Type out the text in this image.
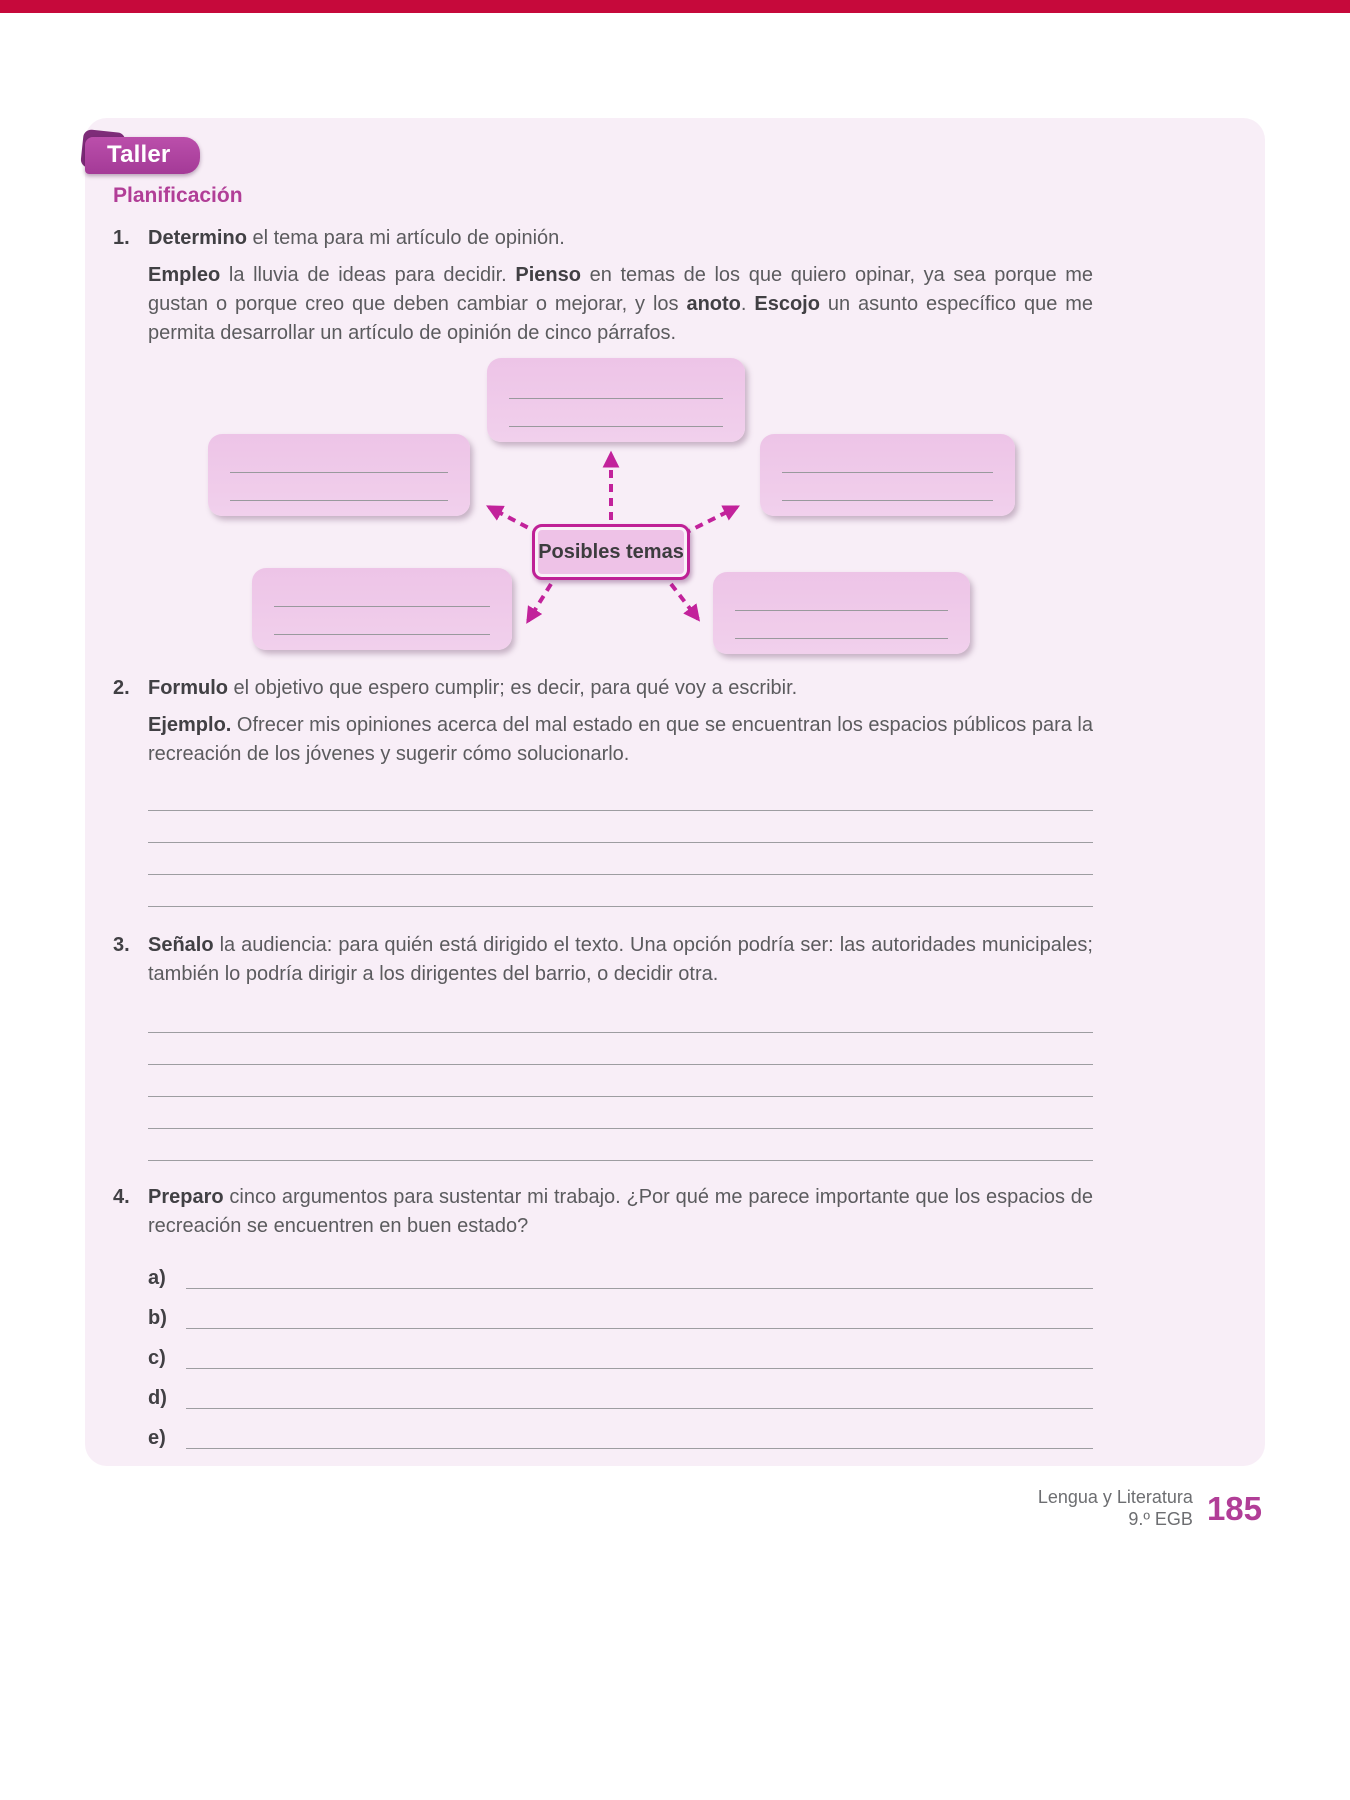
Taller
Planificación
1. Determino el tema para mi artículo de opinión.

Empleo la lluvia de ideas para decidir. Pienso en temas de los que quiero opinar, ya sea porque me gustan o porque creo que deben cambiar o mejorar, y los anoto. Escojo un asunto específico que me permita desarrollar un artículo de opinión de cinco párrafos.

Posibles temas
2. Formulo el objetivo que espero cumplir; es decir, para qué voy a escribir.

Ejemplo. Ofrecer mis opiniones acerca del mal estado en que se encuentran los espacios públicos para la recreación de los jóvenes y sugerir cómo solucionarlo.

3. Señalo la audiencia: para quién está dirigido el texto. Una opción podría ser: las autoridades municipales; también lo podría dirigir a los dirigentes del barrio, o decidir otra.

4. Preparo cinco argumentos para sustentar mi trabajo. ¿Por qué me parece importante que los espacios de recreación se encuentren en buen estado?

a)
b)
c)
d)
e)
Lengua y Literatura
9.º EGB 185
